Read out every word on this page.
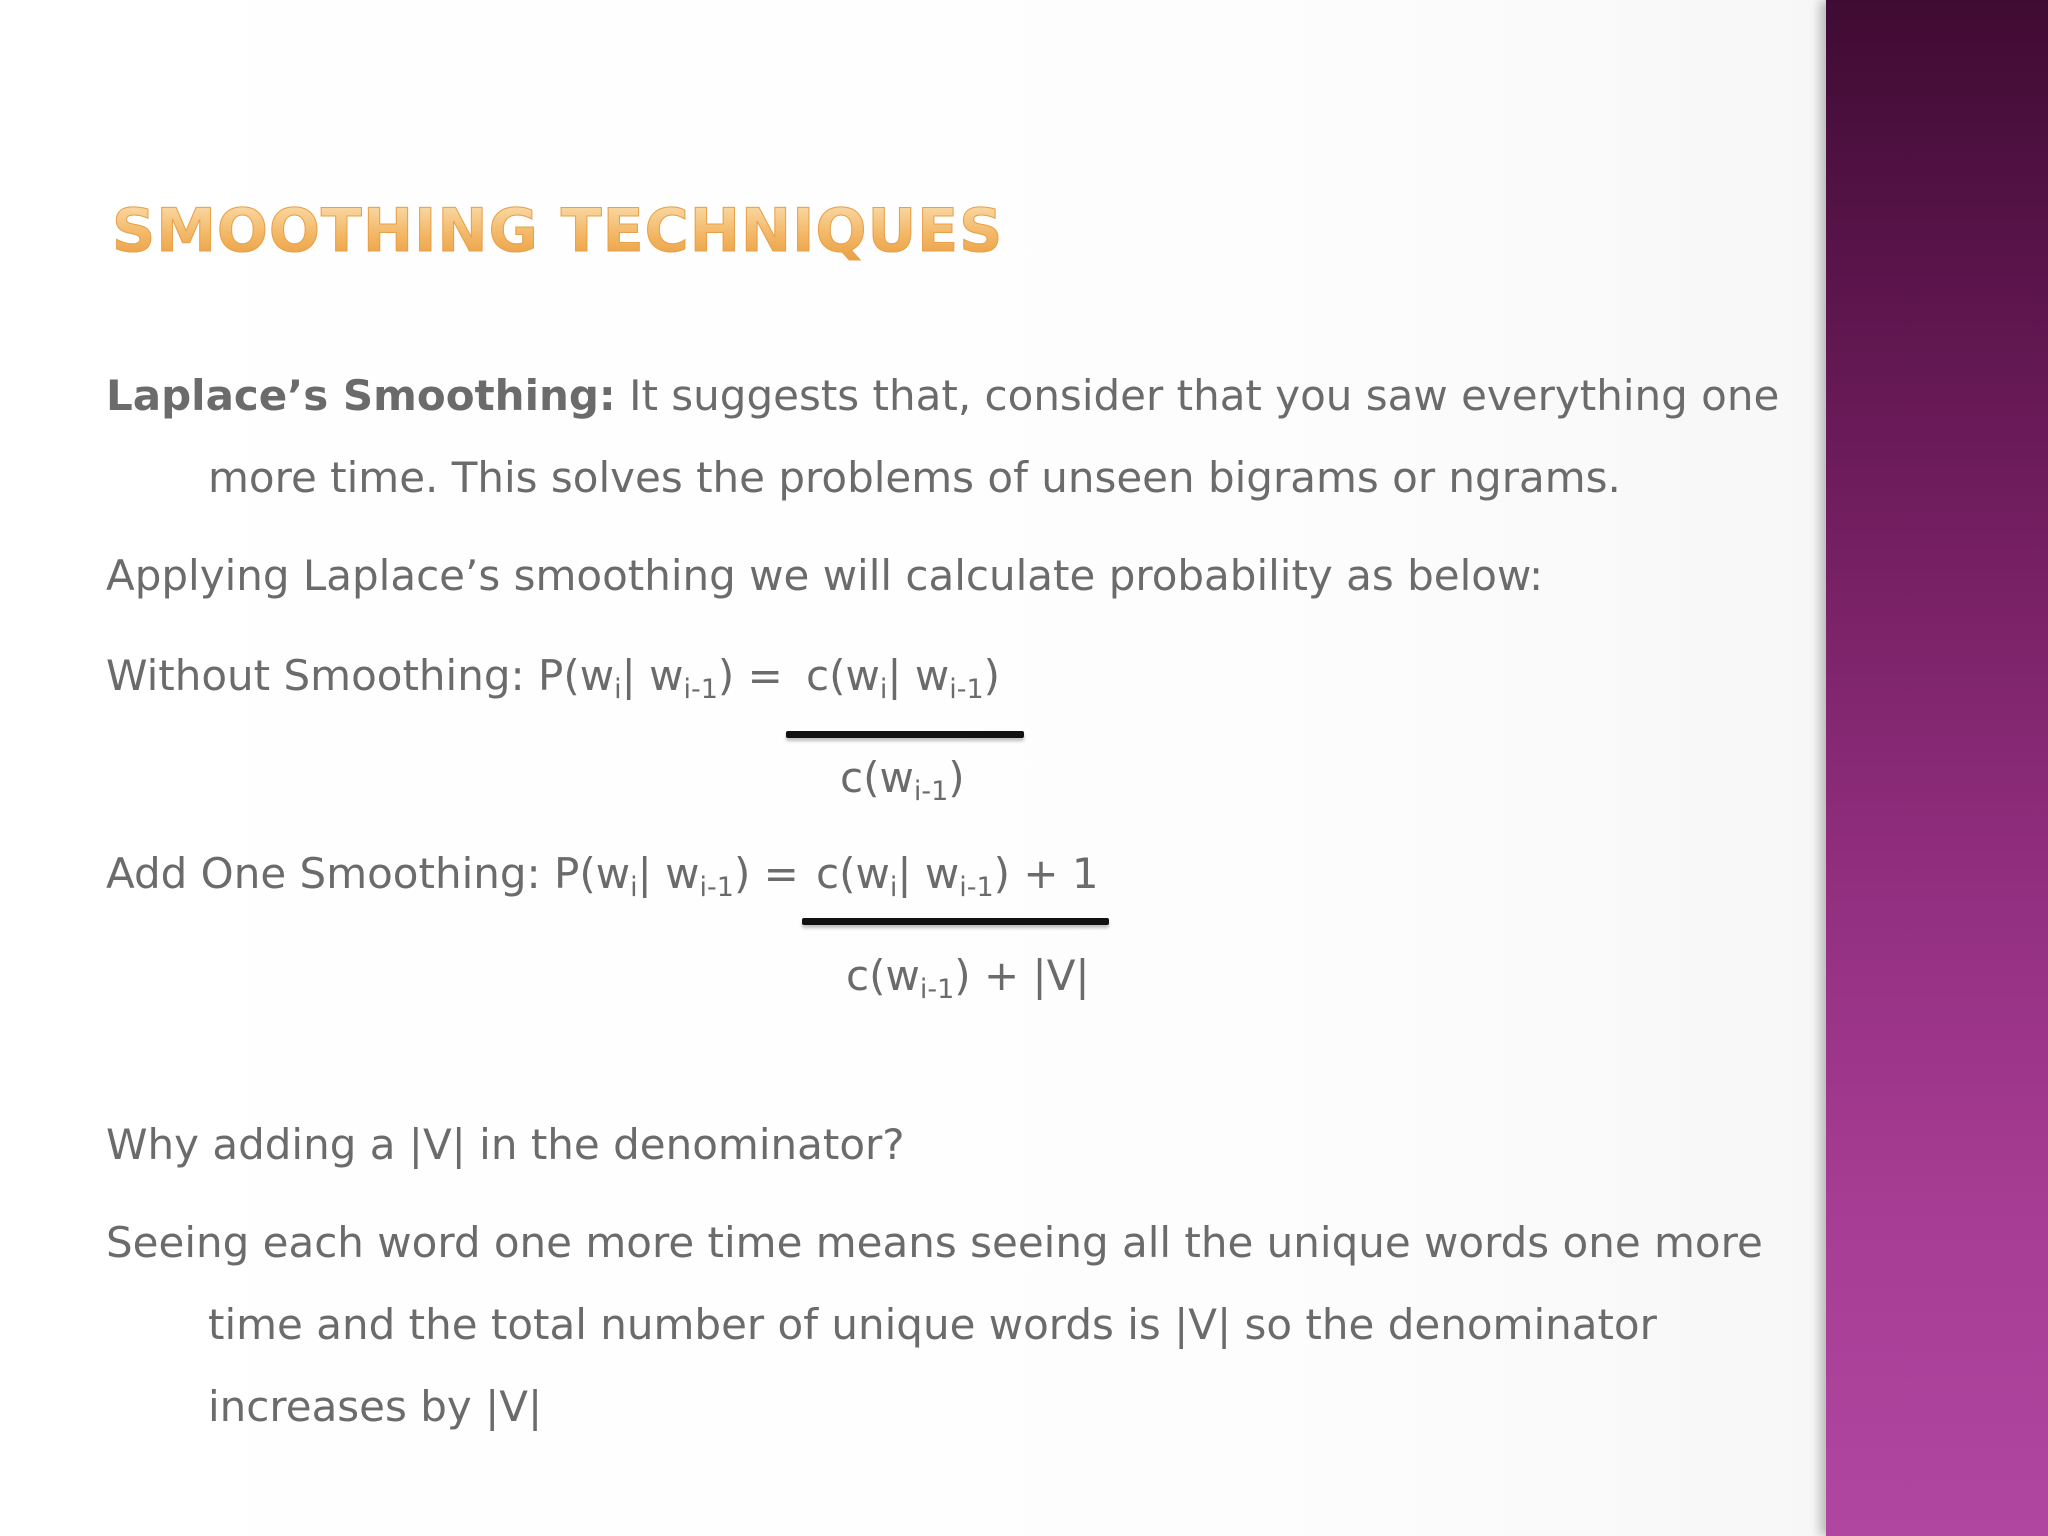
SMOOTHING TECHNIQUES
Laplace’s Smoothing: It suggests that, consider that you saw everything one
more time. This solves the problems of unseen bigrams or ngrams.
Applying Laplace’s smoothing we will calculate probability as below:
Without Smoothing: $P(w_i|$ $w_{i-1}) = c(w_i|$ $w_{i-1}$)
$c(w_{i-1})$
Add One Smoothing: $P(w_i|$ $w_{i-1}) = c(w_i|$ $w_{i-1}) + 1$
$c(w_{i-1}) + |V|$
Why adding a |V| in the denominator?
Seeing each word one more time means seeing all the unique words one more
time and the total number of unique words is |V| so the denominator
increases by |V|
